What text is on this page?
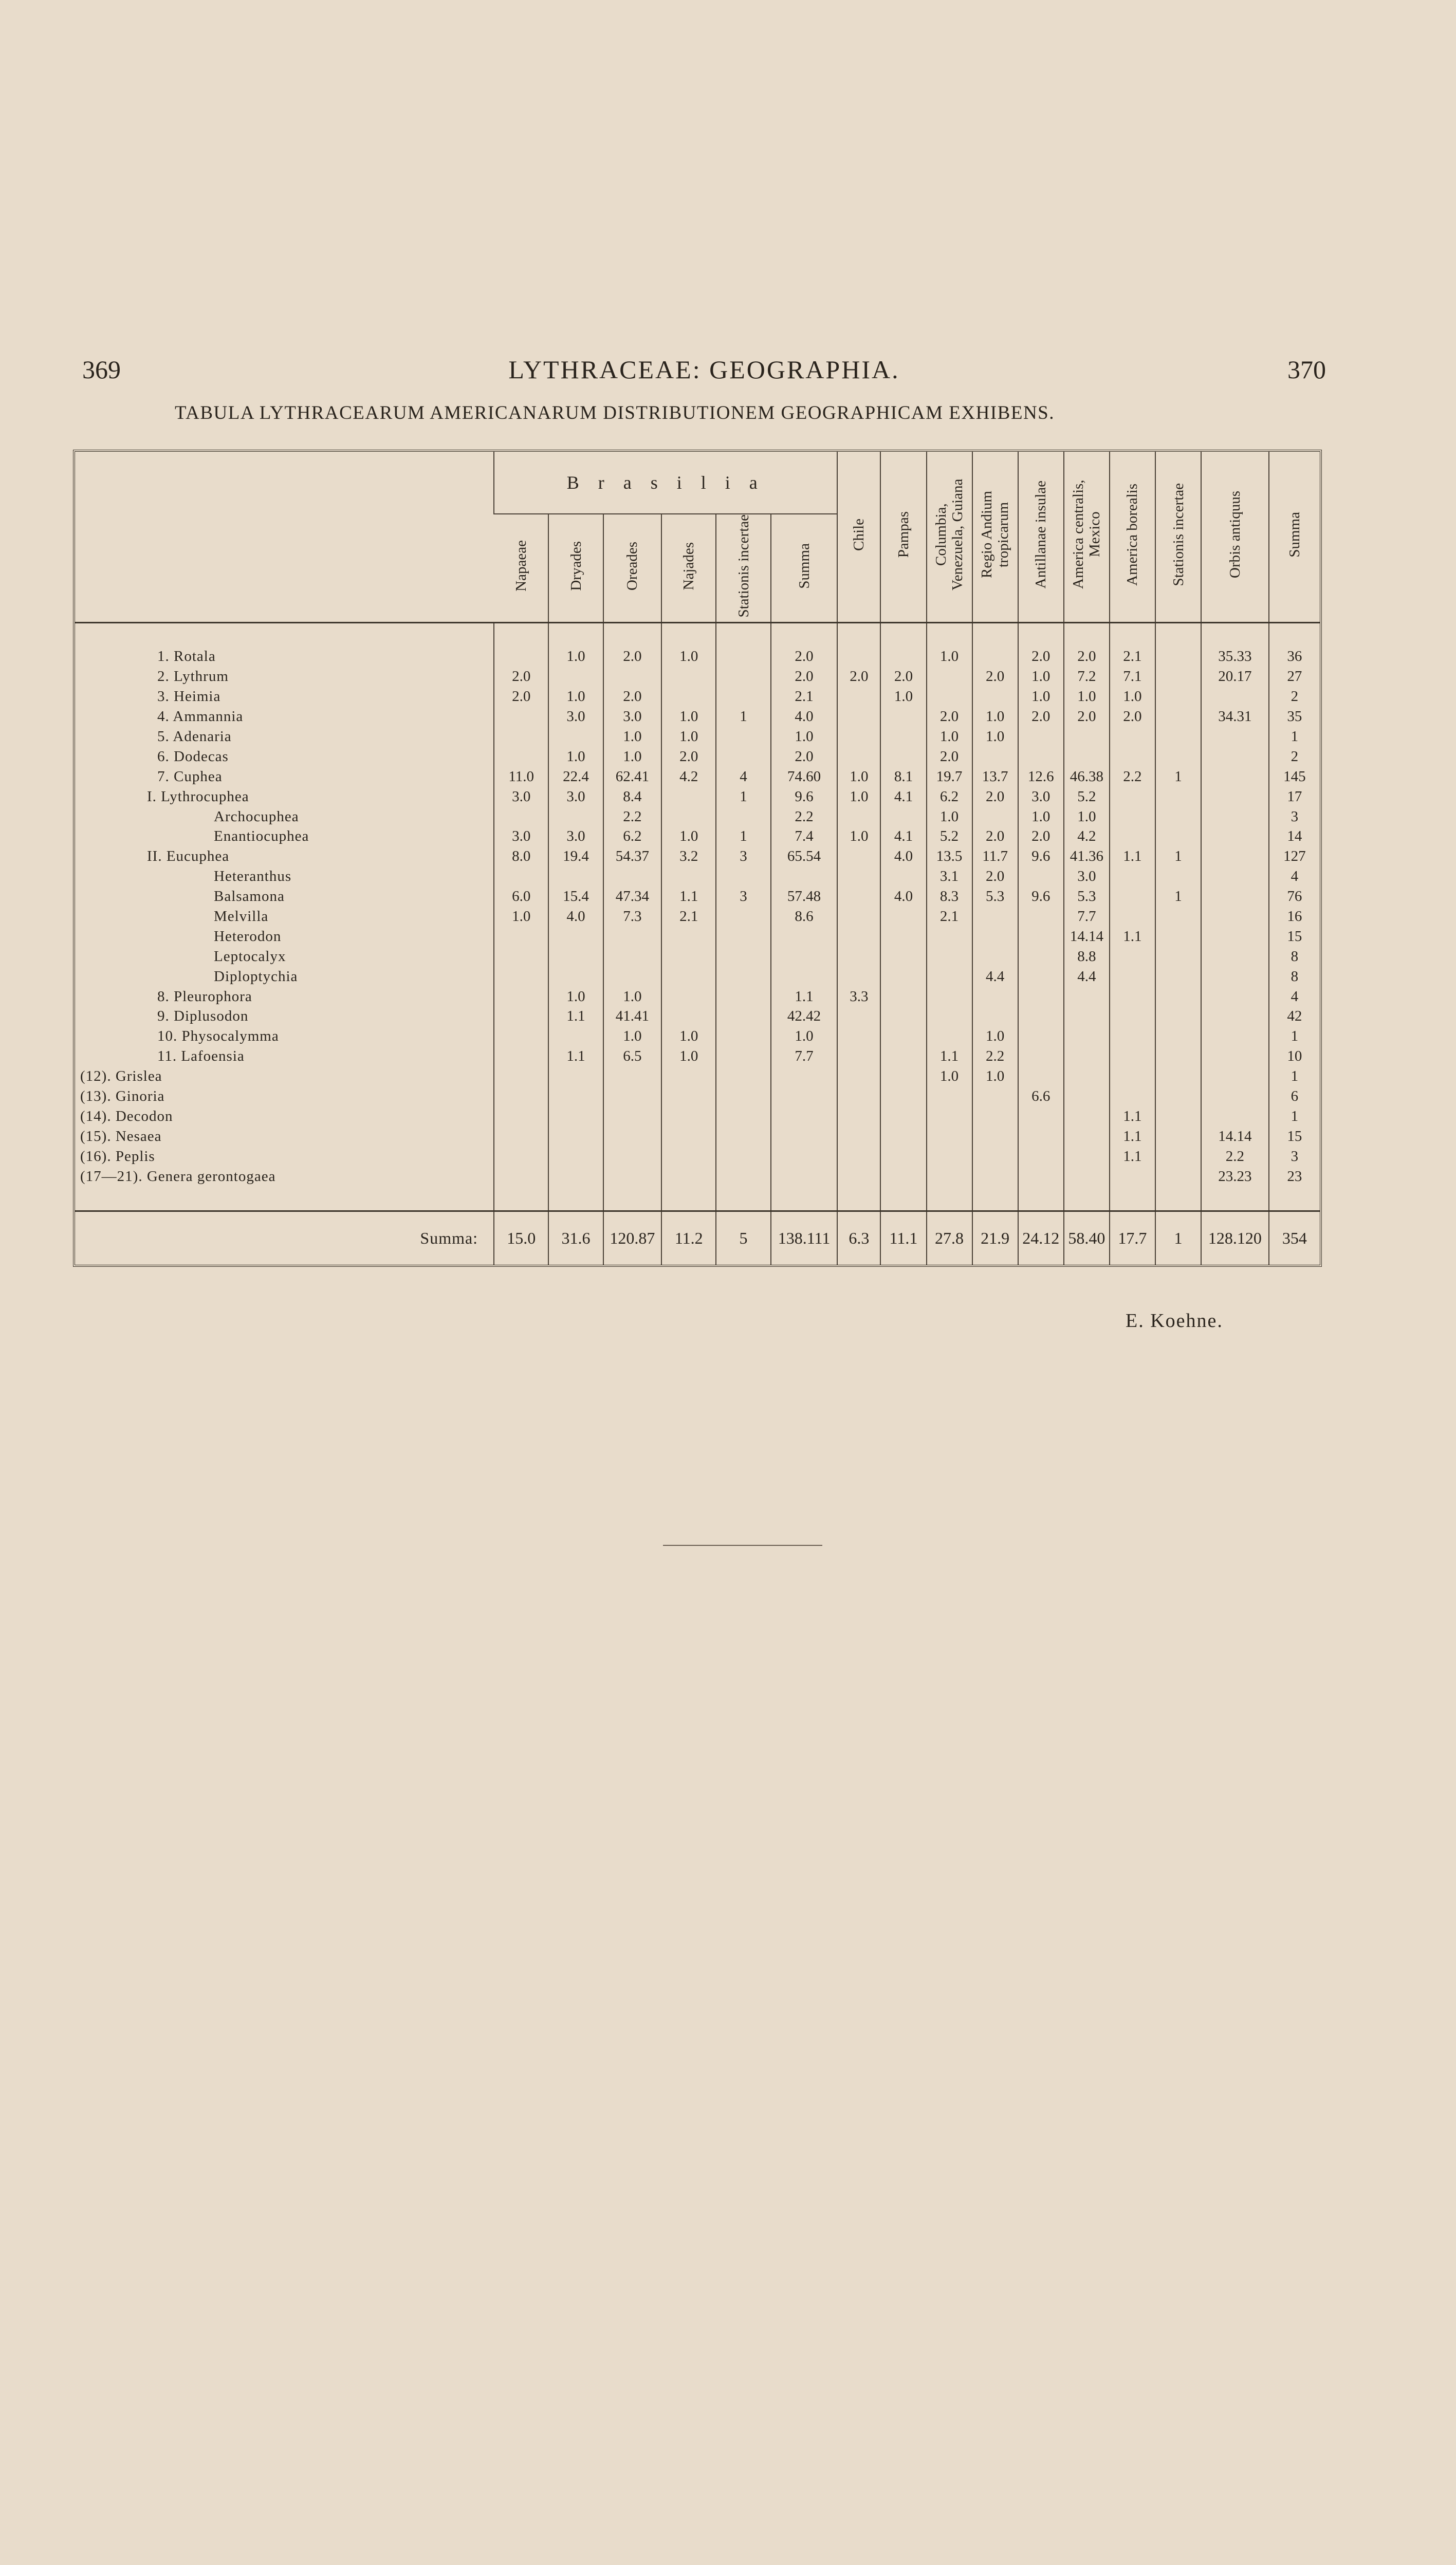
369	LYTHRACEAE: GEOGRAPHIA.	370
TABULA LYTHRACEARUM AMERICANARUM DISTRIBUTIONEM GEOGRAPHICAM EXHIBENS.
	B r a s i l i a						Chile	Pampas	Columbia, Venezuela, Guiana	Regio Andium tropicarum	Antillanae insulae	America centralis, Mexico	America borealis	Stationis incertae	Orbis antiquus	Summa
	Napaeae	Dryades	Oreades	Najades	Stationis incertae	Summa										

1. Rotala		1.0	2.0	1.0		2.0			1.0		2.0	2.0	2.1		35.33	36
2. Lythrum	2.0					2.0	2.0	2.0		2.0	1.0	7.2	7.1		20.17	27
3. Heimia	2.0	1.0	2.0			2.1		1.0			1.0	1.0	1.0			2
4. Ammannia		3.0	3.0	1.0	1	4.0			2.0	1.0	2.0	2.0	2.0		34.31	35
5. Adenaria			1.0	1.0		1.0			1.0	1.0						1
6. Dodecas		1.0	1.0	2.0		2.0			2.0							2
7. Cuphea	11.0	22.4	62.41	4.2	4	74.60	1.0	8.1	19.7	13.7	12.6	46.38	2.2	1		145
I. Lythrocuphea	3.0	3.0	8.4		1	9.6	1.0	4.1	6.2	2.0	3.0	5.2				17
Archocuphea			2.2			2.2			1.0		1.0	1.0				3
Enantiocuphea	3.0	3.0	6.2	1.0	1	7.4	1.0	4.1	5.2	2.0	2.0	4.2				14
II. Eucuphea	8.0	19.4	54.37	3.2	3	65.54		4.0	13.5	11.7	9.6	41.36	1.1	1		127
Heteranthus									3.1	2.0		3.0				4
Balsamona	6.0	15.4	47.34	1.1	3	57.48		4.0	8.3	5.3	9.6	5.3		1		76
Melvilla	1.0	4.0	7.3	2.1		8.6			2.1			7.7				16
Heterodon												14.14	1.1			15
Leptocalyx												8.8				8
Diploptychia										4.4		4.4				8
8. Pleurophora		1.0	1.0			1.1	3.3									4
9. Diplusodon		1.1	41.41			42.42										42
10. Physocalymma			1.0	1.0		1.0				1.0						1
11. Lafoensia		1.1	6.5	1.0		7.7			1.1	2.2						10
(12). Grislea									1.0	1.0						1
(13). Ginoria											6.6					6
(14). Decodon													1.1			1
(15). Nesaea													1.1		14.14	15
(16). Peplis													1.1		2.2	3
(17—21). Genera gerontogaea															23.23	23

Summa:	15.0	31.6	120.87	11.2	5	138.111	6.3	11.1	27.8	21.9	24.12	58.40	17.7	1	128.120	354
E. Koehne.
